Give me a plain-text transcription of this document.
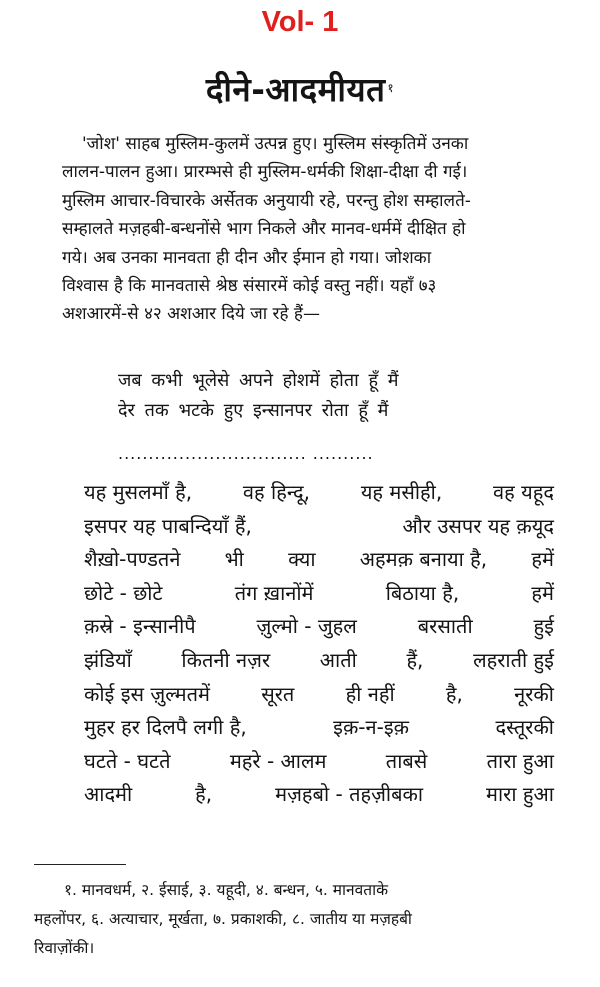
Vol- 1
दीने-आदमीयत $^१$
'जोश' साहब मुस्लिम-कुलमें उत्पन्न हुए। मुस्लिम संस्कृतिमें उनका
लालन-पालन हुआ। प्रारम्भसे ही मुस्लिम-धर्मकी शिक्षा-दीक्षा दी गई।
मुस्लिम आचार-विचारके अर्सेतक अनुयायी रहे, परन्तु होश सम्हालते-
सम्हालते मज़हबी-बन्धनोंसे भाग निकले और मानव-धर्ममें दीक्षित हो
गये। अब उनका मानवता ही दीन और ईमान हो गया। जोशका
विश्वास है कि मानवतासे श्रेष्ठ संसारमें कोई वस्तु नहीं। यहाँ ७३
अशआरमें-से ४२ अशआर दिये जा रहे हैं—
जब कभी भूलेसे अपने होशमें होता हूँ मैं
देर तक भटके हुए इन्सानपर रोता हूँ मैं
............................... ..........
यह मुसलमाँ है,	वह हिन्दू,	यह मसीही,	वह यहूद
इसपर यह पाबन्दियाँ हैं,	और उसपर यह क़यूद
शैख़ो-पण्डतने भी क्या अहमक़ बनाया है, हमें
छोटे - छोटे	तंग ख़ानोंमें	बिठाया है,	हमें
क़स्रे - इन्सानीपै	ज़ुल्मो - जुहल	बरसाती	हुई
झंडियाँ कितनी नज़र आती हैं, लहराती हुई
कोई इस ज़ुल्मतमें	सूरत	ही नहीं	है,	नूरकी
मुहर हर दिलपै लगी है,	इक़-न-इक़	दस्तूरकी
घटते - घटते	महरे - आलम	ताबसे	तारा हुआ
आदमी	है,	मज़हबो - तहज़ीबका	मारा हुआ
१. मानवधर्म, २. ईसाई, ३. यहूदी, ४. बन्धन, ५. मानवताके
महलोंपर, ६. अत्याचार, मूर्खता, ७. प्रकाशकी, ८. जातीय या मज़हबी
रिवाज़ोंकी।
